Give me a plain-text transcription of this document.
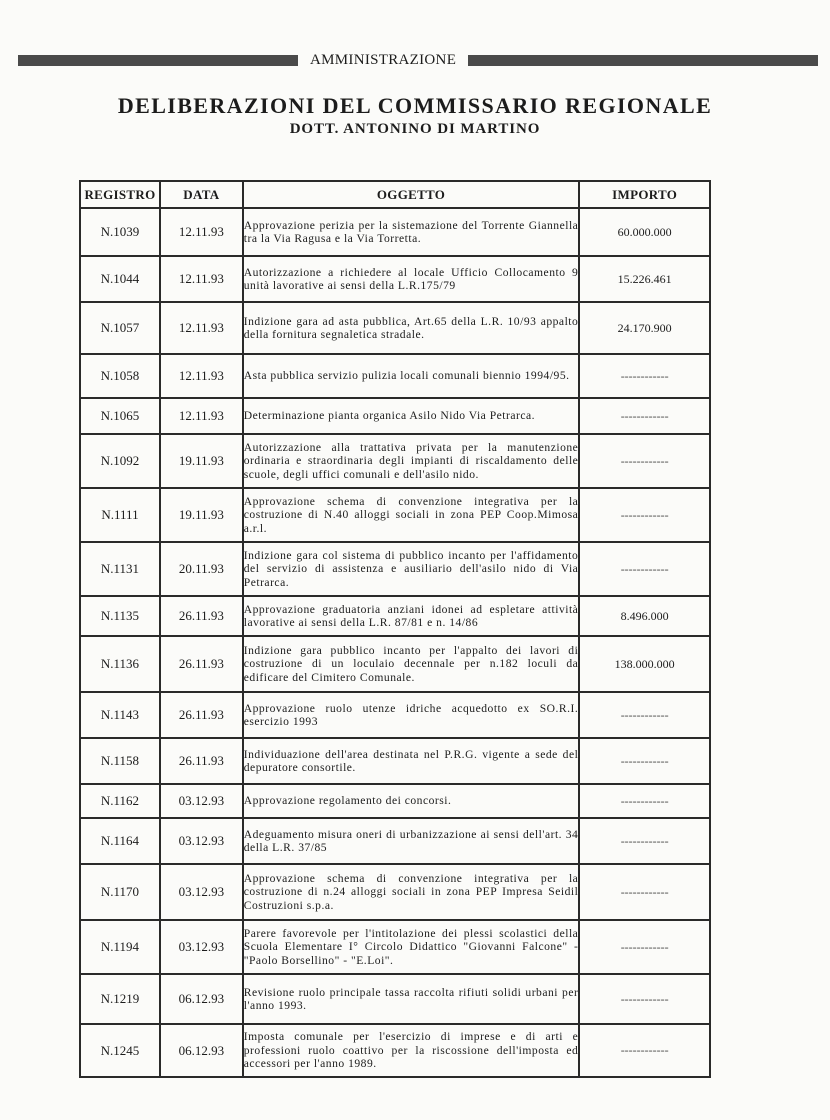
AMMINISTRAZIONE
DELIBERAZIONI DEL COMMISSARIO REGIONALE
DOTT. ANTONINO DI MARTINO
REGISTRO	DATA	OGGETTO	IMPORTO
N.1039	12.11.93	Approvazione perizia per la sistemazione del Torrente Giannella tra la Via Ragusa e la Via Torretta.	60.000.000
N.1044	12.11.93	Autorizzazione a richiedere al locale Ufficio Collocamento 9 unità lavorative ai sensi della L.R.175/79	15.226.461
N.1057	12.11.93	Indizione gara ad asta pubblica, Art.65 della L.R. 10/93 appalto della fornitura segnaletica stradale.	24.170.900
N.1058	12.11.93	Asta pubblica servizio pulizia locali comunali biennio 1994/95.	------------
N.1065	12.11.93	Determinazione pianta organica Asilo Nido Via Petrarca.	------------
N.1092	19.11.93	Autorizzazione alla trattativa privata per la manutenzione ordinaria e straordinaria degli impianti di riscaldamento delle scuole, degli uffici comunali e dell'asilo nido.	------------
N.1111	19.11.93	Approvazione schema di convenzione integrativa per la costruzione di N.40 alloggi sociali in zona PEP Coop.Mimosa a.r.l.	------------
N.1131	20.11.93	Indizione gara col sistema di pubblico incanto per l'affidamento del servizio di assistenza e ausiliario dell'asilo nido di Via Petrarca.	------------
N.1135	26.11.93	Approvazione graduatoria anziani idonei ad espletare attività lavorative ai sensi della L.R. 87/81 e n. 14/86	8.496.000
N.1136	26.11.93	Indizione gara pubblico incanto per l'appalto dei lavori di costruzione di un loculaio decennale per n.182 loculi da edificare del Cimitero Comunale.	138.000.000
N.1143	26.11.93	Approvazione ruolo utenze idriche acquedotto ex SO.R.I. esercizio 1993	------------
N.1158	26.11.93	Individuazione dell'area destinata nel P.R.G. vigente a sede del depuratore consortile.	------------
N.1162	03.12.93	Approvazione regolamento dei concorsi.	------------
N.1164	03.12.93	Adeguamento misura oneri di urbanizzazione ai sensi dell'art. 34 della L.R. 37/85	------------
N.1170	03.12.93	Approvazione schema di convenzione integrativa per la costruzione di n.24 alloggi sociali in zona PEP Impresa Seidil Costruzioni s.p.a.	------------
N.1194	03.12.93	Parere favorevole per l'intitolazione dei plessi scolastici della Scuola Elementare I° Circolo Didattico "Giovanni Falcone" - "Paolo Borsellino" - "E.Loi".	------------
N.1219	06.12.93	Revisione ruolo principale tassa raccolta rifiuti solidi urbani per l'anno 1993.	------------
N.1245	06.12.93	Imposta comunale per l'esercizio di imprese e di arti e professioni ruolo coattivo per la riscossione dell'imposta ed accessori per l'anno 1989.	------------
